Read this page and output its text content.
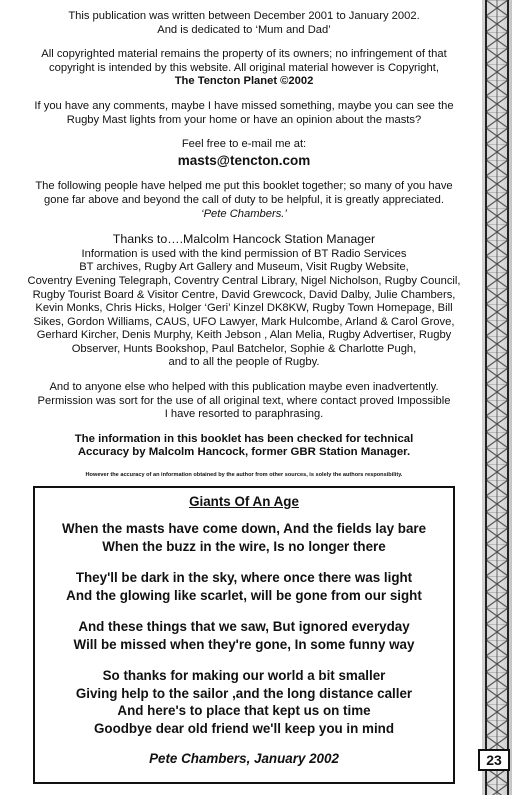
This publication was written between December 2001 to January 2002.
And is dedicated to ‘Mum and Dad’

All copyrighted material remains the property of its owners; no infringement of that
copyright is intended by this website. All original material however is Copyright,
The Tencton Planet ©2002

If you have any comments, maybe I have missed something, maybe you can see the
Rugby Mast lights from your home or have an opinion about the masts?

Feel free to e-mail me at:
masts@tencton.com

The following people have helped me put this booklet together; so many of you have
gone far above and beyond the call of duty to be helpful, it is greatly appreciated.
‘Pete Chambers.’

Thanks to….Malcolm Hancock Station Manager
Information is used with the kind permission of BT Radio Services
BT archives, Rugby Art Gallery and Museum, Visit Rugby Website,
Coventry Evening Telegraph, Coventry Central Library, Nigel Nicholson, Rugby Council,
Rugby Tourist Board & Visitor Centre, David Grewcock, David Dalby, Julie Chambers,
Kevin Monks, Chris Hicks, Holger ‘Geri’ Kinzel DK8KW, Rugby Town Homepage, Bill
Sikes, Gordon Williams, CAUS, UFO Lawyer, Mark Hulcombe, Arland & Carol Grove,
Gerhard Kircher, Denis Murphy, Keith Jebson , Alan Melia, Rugby Advertiser, Rugby
Observer, Hunts Bookshop, Paul Batchelor, Sophie & Charlotte Pugh,
and to all the people of Rugby.

And to anyone else who helped with this publication maybe even inadvertently.
Permission was sort for the use of all original text, where contact proved Impossible
I have resorted to paraphrasing.

The information in this booklet has been checked for technical
Accuracy by Malcolm Hancock, former GBR Station Manager.

However the accuracy of an information obtained by the author from other sources, is solely the authors responsibility.

Giants Of An Age
When the masts have come down, And the fields lay bare
When the buzz in the wire, Is no longer there
They'll be dark in the sky, where once there was light
And the glowing like scarlet, will be gone from our sight
And these things that we saw, But ignored everyday
Will be missed when they're gone, In some funny way
So thanks for making our world a bit smaller
Giving help to the sailor ,and the long distance caller
And here's to place that kept us on time
Goodbye dear old friend we'll keep you in mind
Pete Chambers, January 2002	23
